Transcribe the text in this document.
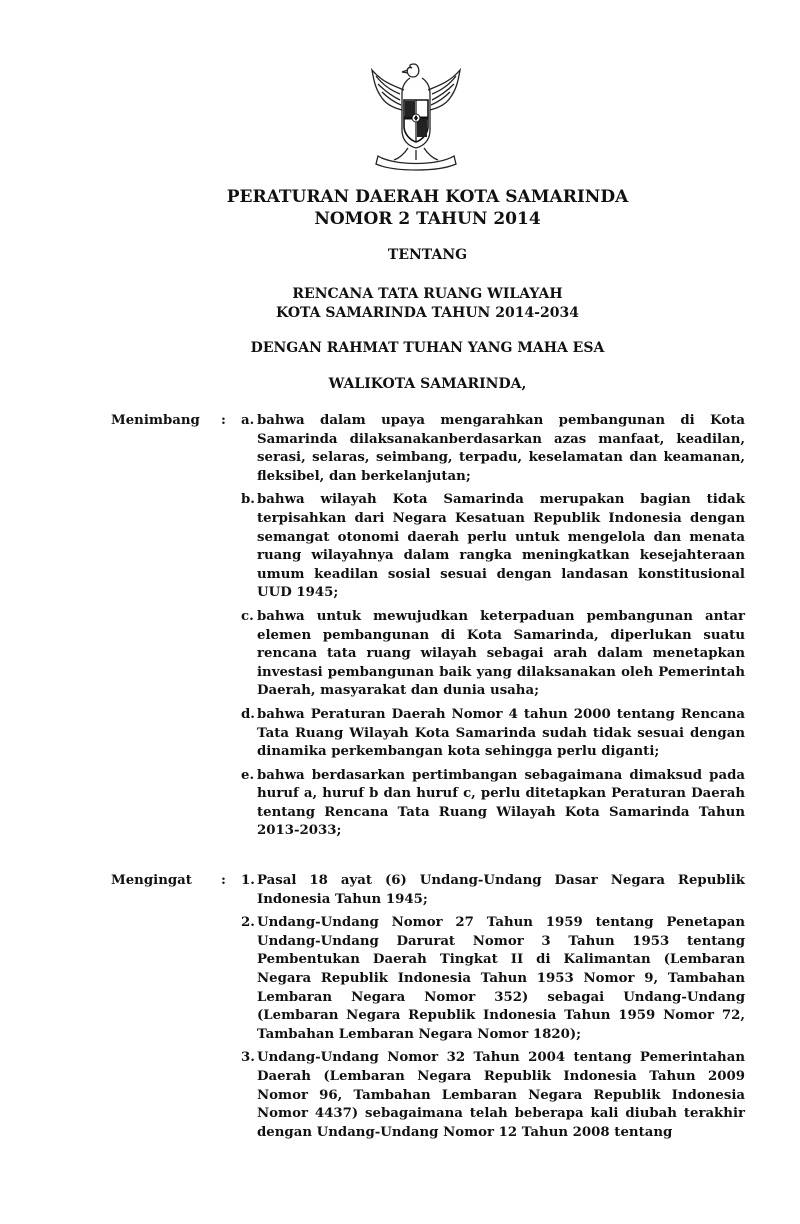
PERATURAN DAERAH KOTA SAMARINDA
NOMOR 2 TAHUN 2014
TENTANG
RENCANA TATA RUANG WILAYAH
KOTA SAMARINDA TAHUN 2014-2034
DENGAN RAHMAT TUHAN YANG MAHA ESA
WALIKOTA SAMARINDA,
Menimbang : a. bahwa dalam upaya mengarahkan pembangunan di Kota Samarinda dilaksanakanberdasarkan azas manfaat, keadilan, serasi, selaras, seimbang, terpadu, keselamatan dan keamanan, fleksibel, dan berkelanjutan;
b. bahwa wilayah Kota Samarinda merupakan bagian tidak terpisahkan dari Negara Kesatuan Republik Indonesia dengan semangat otonomi daerah perlu untuk mengelola dan menata ruang wilayahnya dalam rangka meningkatkan kesejahteraan umum keadilan sosial sesuai dengan landasan konstitusional UUD 1945;
c. bahwa untuk mewujudkan keterpaduan pembangunan antar elemen pembangunan di Kota Samarinda, diperlukan suatu rencana tata ruang wilayah sebagai arah dalam menetapkan investasi pembangunan baik yang dilaksanakan oleh Pemerintah Daerah, masyarakat dan dunia usaha;
d. bahwa Peraturan Daerah Nomor 4 tahun 2000 tentang Rencana Tata Ruang Wilayah Kota Samarinda sudah tidak sesuai dengan dinamika perkembangan kota sehingga perlu diganti;
e. bahwa berdasarkan pertimbangan sebagaimana dimaksud pada huruf a, huruf b dan huruf c, perlu ditetapkan Peraturan Daerah tentang Rencana Tata Ruang Wilayah Kota Samarinda Tahun 2013-2033;
Mengingat : 1. Pasal 18 ayat (6) Undang-Undang Dasar Negara Republik Indonesia Tahun 1945;
2. Undang-Undang Nomor 27 Tahun 1959 tentang Penetapan Undang-Undang Darurat Nomor 3 Tahun 1953 tentang Pembentukan Daerah Tingkat II di Kalimantan (Lembaran Negara Republik Indonesia Tahun 1953 Nomor 9, Tambahan Lembaran Negara Nomor 352) sebagai Undang-Undang (Lembaran Negara Republik Indonesia Tahun 1959 Nomor 72, Tambahan Lembaran Negara Nomor 1820);
3. Undang-Undang Nomor 32 Tahun 2004 tentang Pemerintahan Daerah (Lembaran Negara Republik Indonesia Tahun 2009 Nomor 96, Tambahan Lembaran Negara Republik Indonesia Nomor 4437) sebagaimana telah beberapa kali diubah terakhir dengan Undang-Undang Nomor 12 Tahun 2008 tentang
